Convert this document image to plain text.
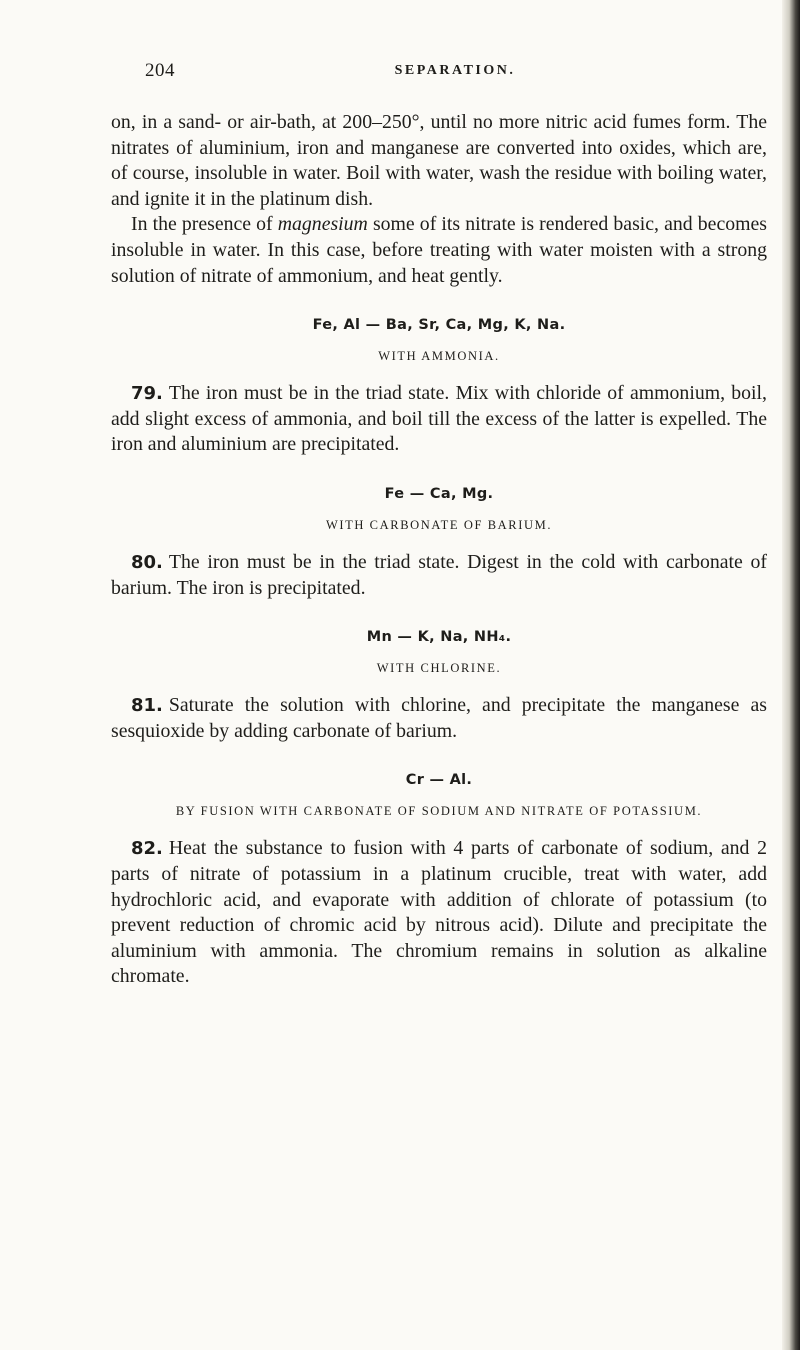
204	SEPARATION.

on, in a sand- or air-bath, at 200–250°, until no more nitric acid fumes form. The nitrates of aluminium, iron and manganese are converted into oxides, which are, of course, insoluble in water. Boil with water, wash the residue with boiling water, and ignite it in the platinum dish.

In the presence of magnesium some of its nitrate is rendered basic, and becomes insoluble in water. In this case, before treating with water moisten with a strong solution of nitrate of ammonium, and heat gently.

Fe, Al — Ba, Sr, Ca, Mg, K, Na.
WITH AMMONIA.

79. The iron must be in the triad state. Mix with chloride of ammonium, boil, add slight excess of ammonia, and boil till the excess of the latter is expelled. The iron and aluminium are precipitated.

Fe — Ca, Mg.
WITH CARBONATE OF BARIUM.

80. The iron must be in the triad state. Digest in the cold with carbonate of barium. The iron is precipitated.

Mn — K, Na, NH₄.
WITH CHLORINE.

81. Saturate the solution with chlorine, and precipitate the manganese as sesquioxide by adding carbonate of barium.

Cr — Al.
BY FUSION WITH CARBONATE OF SODIUM AND NITRATE OF POTASSIUM.

82. Heat the substance to fusion with 4 parts of carbonate of sodium, and 2 parts of nitrate of potassium in a platinum crucible, treat with water, add hydrochloric acid, and evaporate with addition of chlorate of potassium (to prevent reduction of chromic acid by nitrous acid). Dilute and precipitate the aluminium with ammonia. The chromium remains in solution as alkaline chromate.
